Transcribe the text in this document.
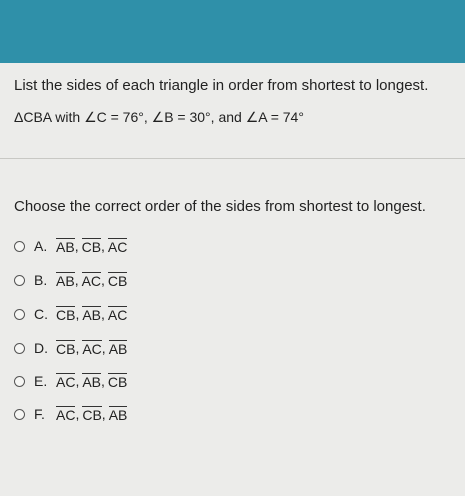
List the sides of each triangle in order from shortest to longest.
ΔCBA with ∠C = 76°, ∠B = 30°, and ∠A = 74°
Choose the correct order of the sides from shortest to longest.
A. AB , CB , AC
B. AB , AC , CB
C. CB , AB , AC
D. CB , AC , AB
E. AC , AB , CB
F. AC , CB , AB
